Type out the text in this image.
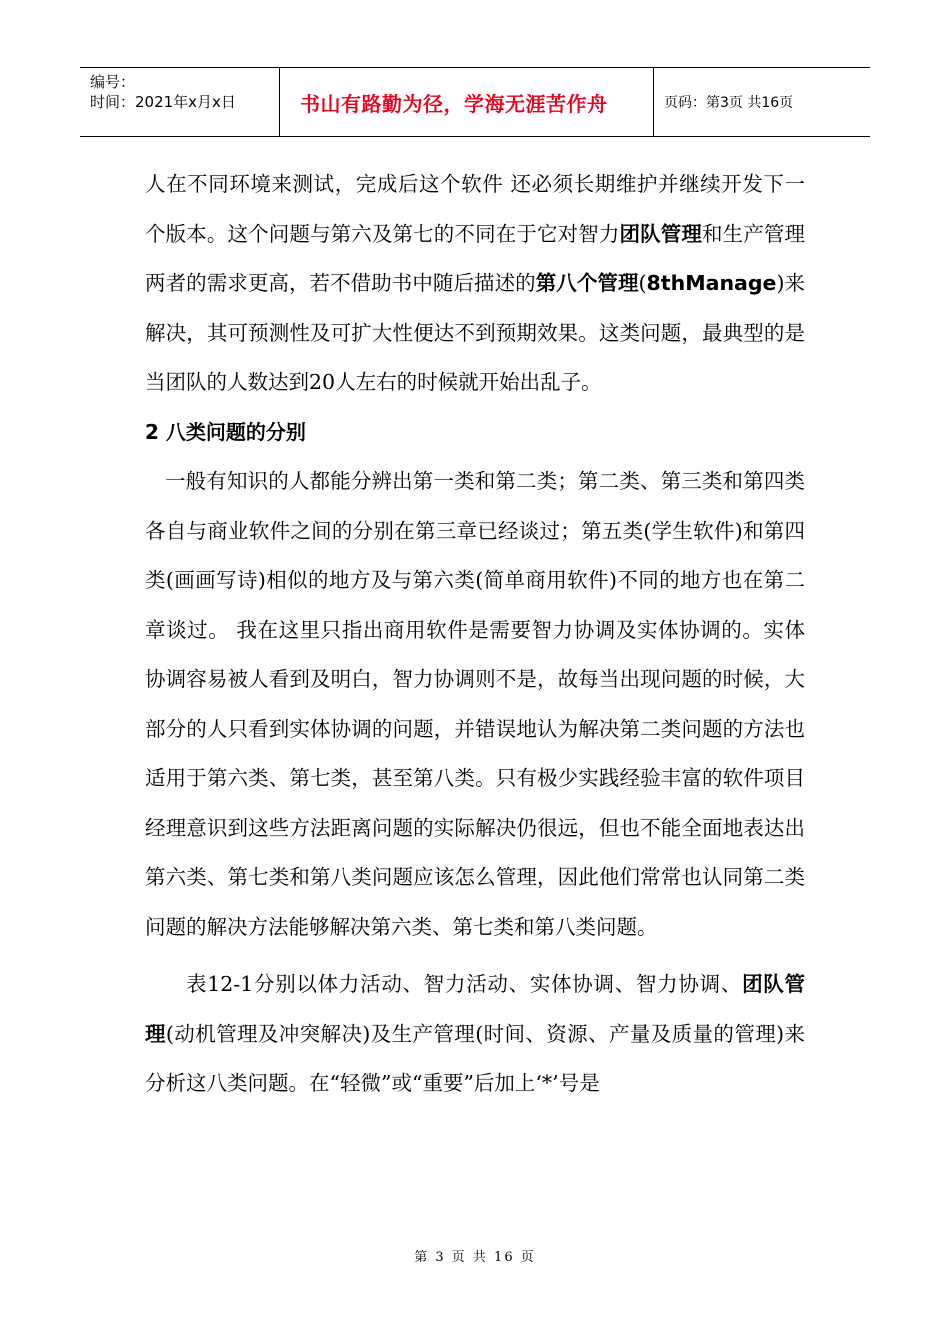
编号：
时间：2021年x月x日	书山有路勤为径，学海无涯苦作舟	页码：第3页 共16页

人在不同环境来测试，完成后这个软件 还必须长期维护并继续开发下一个版本。这个问题与第六及第七的不同在于它对智力团队管理和生产管理两者的需求更高，若不借助书中随后描述的第八个管理(8thManage)来解决，其可预测性及可扩大性便达不到预期效果。这类问题，最典型的是当团队的人数达到20人左右的时候就开始出乱子。

2 八类问题的分别

一般有知识的人都能分辨出第一类和第二类；第二类、第三类和第四类各自与商业软件之间的分别在第三章已经谈过；第五类(学生软件)和第四类(画画写诗)相似的地方及与第六类(简单商用软件)不同的地方也在第二章谈过。 我在这里只指出商用软件是需要智力协调及实体协调的。实体协调容易被人看到及明白，智力协调则不是，故每当出现问题的时候，大部分的人只看到实体协调的问题，并错误地认为解决第二类问题的方法也适用于第六类、第七类，甚至第八类。只有极少实践经验丰富的软件项目经理意识到这些方法距离问题的实际解决仍很远，但也不能全面地表达出第六类、第七类和第八类问题应该怎么管理，因此他们常常也认同第二类问题的解决方法能够解决第六类、第七类和第八类问题。

表12-1分别以体力活动、智力活动、实体协调、智力协调、团队管理(动机管理及冲突解决)及生产管理(时间、资源、产量及质量的管理)来分析这八类问题。在“轻微”或“重要”后加上‘*’号是

第 3 页 共 16 页
